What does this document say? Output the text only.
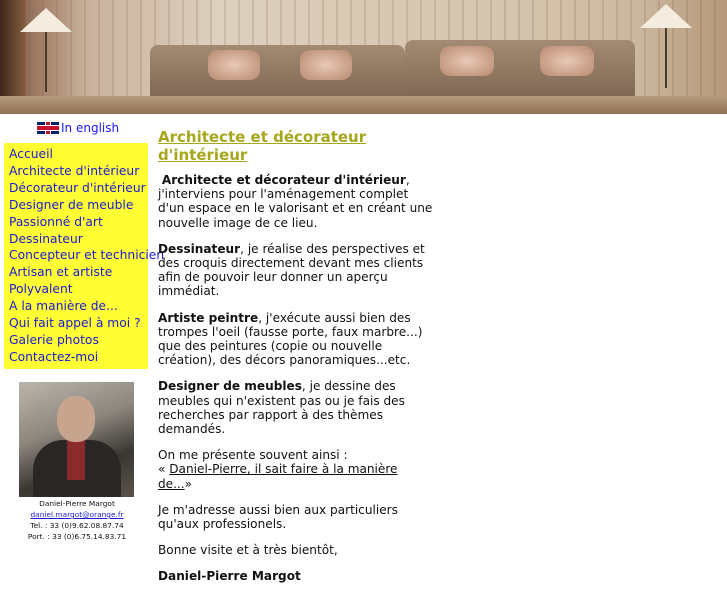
In english
Accueil
Architecte d'intérieur
Décorateur d'intérieur
Designer de meuble
Passionné d'art
Dessinateur
Concepteur et technicien
Artisan et artiste
Polyvalent
A la manière de...
Qui fait appel à moi ?
Galerie photos
Contactez-moi
Daniel-Pierre Margot
daniel.margot@orange.fr
Tel. : 33 (0)9.62.08.87.74
Port. : 33 (0)6.75.14.83.71
Architecte et décorateur d'intérieur

Architecte et décorateur d'intérieur, j'interviens pour l'aménagement complet d'un espace en le valorisant et en créant une nouvelle image de ce lieu.

Dessinateur, je réalise des perspectives et des croquis directement devant mes clients afin de pouvoir leur donner un aperçu immédiat.

Artiste peintre, j'exécute aussi bien des trompes l'oeil (fausse porte, faux marbre...) que des peintures (copie ou nouvelle création), des décors panoramiques...etc.

Designer de meubles, je dessine des meubles qui n'existent pas ou je fais des recherches par rapport à des thèmes demandés.

On me présente souvent ainsi :
« Daniel-Pierre, il sait faire à la manière de...»

Je m'adresse aussi bien aux particuliers qu'aux professionels.

Bonne visite et à très bientôt,

Daniel-Pierre Margot
